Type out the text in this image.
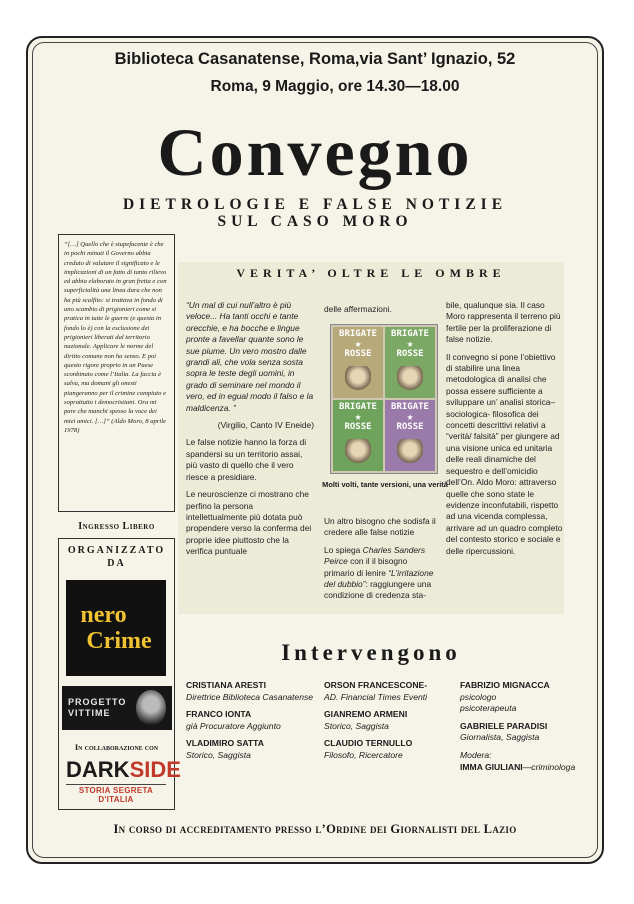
Biblioteca Casanatense, Roma,via Sant’ Ignazio, 52
Roma, 9 Maggio, ore 14.30—18.00
Convegno
DIETROLOGIE E FALSE NOTIZIE
SUL CASO MORO
“[…] Quello che è stupefacente è che in pochi minuti il Governo abbia creduto di valutare il significato e le implicazioni di un fatto di tanto rilievo ed abbia elaborato in gran fretta e con superficialità una linea dura che non ha più scalfito: si trattava in fondo di uno scambio di prigionieri come si pratica in tutte le guerre (e questa in fondo lo è) con la esclusione dei prigionieri liberati dal territorio nazionale. Applicare le norme del diritto comune non ha senso. E poi questo rigore proprio in un Paese sconbinato come l’Italia. La faccia è salva, ma domani gli onesti piangeranno per il crimine compiuto e soprattutto i democristiani. Ora mi pare che manchi spesso la voce dei miei amici. […]” (Aldo Moro, 8 aprile 1978)
Ingresso Libero
ORGANIZZATO
DA
nero
Crime
PROGETTO
VITTIME
In collaborazione con
DARKSIDE
STORIA SEGRETA D'ITALIA
VERITA’ OLTRE LE OMBRE

“Un mal di cui null’altro è più veloce... Ha tanti occhi e tante orecchie, e ha bocche e lingue pronte a favellar quante sono le sue piume. Un vero mostro dalle grandi ali, che vola senza sosta sopra le teste degli uomini, in grado di seminare nel mondo il vero, ed in egual modo il falso e la maldicenza. ”

(Virgilio, Canto IV Eneide)

Le false notizie hanno la forza di spandersi su un territorio assai, più vasto di quello che il vero riesce a presidiare.

Le neuroscienze ci mostrano che perfino la persona intellettualmente più dotata può propendere verso la conferma dei proprie idee piuttosto che la verifica puntuale

delle affermazioni.
BRIGATE
★
ROSSE
BRIGATE
★
ROSSE
BRIGATE
★
ROSSE
BRIGATE
★
ROSSE
Molti volti, tante versioni, una verità

Un altro bisogno che sodisfa il credere alle false notizie

Lo spiega Charles Sanders Peirce con il il bisogno primario di lenire “L’irritazione del dubbio”: raggiungere una condizione di credenza sta-

bile, qualunque sia. Il caso Moro rappresenta il terreno più fertile per la proliferazione di false notizie.

Il convegno si pone l’obiettivo di stabilire una linea metodologica di analisi che possa essere sufficiente a sviluppare un’ analisi storica– sociologica- filosofica dei concetti descrittivi relativi a “verità/ falsità” per giungere ad una visione unica ed unitaria delle reali dinamiche del sequestro e dell’omicidio dell’On. Aldo Moro: attraverso quelle che sono state le evidenze inconfutabili, rispetto ad una vicenda complessa, arrivare ad un quadro completo del contesto storico e sociale e delle ripercussioni.

Intervengono
CRISTIANA ARESTI
Direttrice Biblioteca Casanatense
FRANCO IONTA
già Procuratore Aggiunto
VLADIMIRO SATTA
Storico, Saggista
ORSON FRANCESCONE-
AD. Financial Times Eventi
GIANREMO ARMENI
Storico, Saggista
CLAUDIO TERNULLO
Filosofo, Ricercatore
FABRIZIO MIGNACCA
psicologo psicoterapeuta
GABRIELE PARADISI
Giornalista, Saggista
Modera:
IMMA GIULIANI—criminologa
In corso di accreditamento presso l’Ordine dei Giornalisti del Lazio
